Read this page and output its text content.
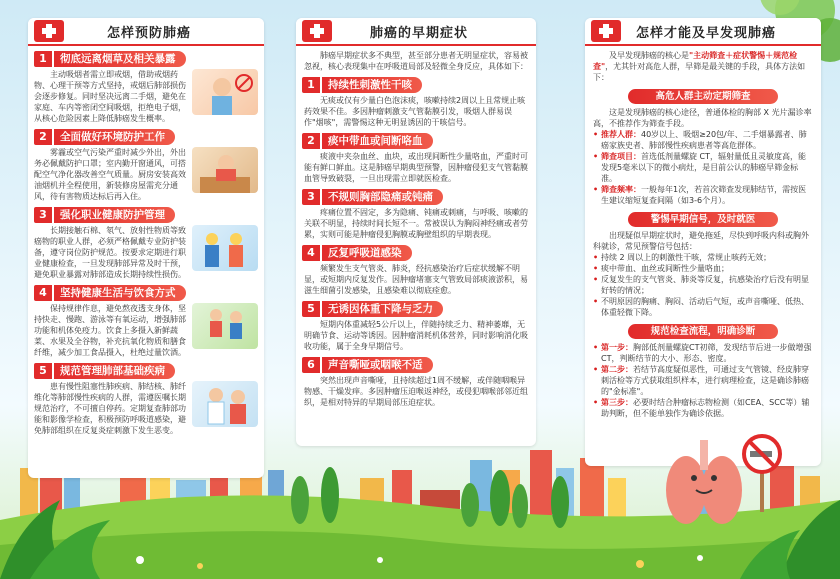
怎样预防肺癌
1	彻底远离烟草及相关暴露
主动吸烟者需立即戒烟，借助戒烟药物、心理干预等方式坚持，戒烟后肺部损伤会逐步修复。同时坚决远离二手烟，避免在家庭、车内等密闭空间吸烟，拒绝电子烟，从核心危险因素上降低肺癌发生概率。
2	全面做好环境防护工作
雾霾或空气污染严重时减少外出，外出务必佩戴防护口罩；室内勤开窗通风，可搭配空气净化器改善空气质量。厨房安装高效油烟机并全程使用，新装修房屋需充分通风，待有害物质达标后再入住。
3	强化职业健康防护管理
长期接触石棉、氡气、放射性物质等致癌物的职业人群，必须严格佩戴专业防护装备，遵守岗位防护规范。按要求定期进行职业健康检查，一旦发现肺部异常及时干预，避免职业暴露对肺部造成长期持续性损伤。
4	坚持健康生活与饮食方式
保持规律作息，避免熬夜透支身体，坚持快走、慢跑、游泳等有氧运动，增强肺部功能和机体免疫力。饮食上多摄入新鲜蔬菜、水果及全谷物，补充抗氧化物质和膳食纤维，减少加工食品摄入，杜绝过量饮酒。
5	规范管理肺部基础疾病
患有慢性阻塞性肺疾病、肺结核、肺纤维化等肺部慢性疾病的人群，需遵医嘱长期规范治疗，不可擅自停药。定期复查肺部功能和影像学检查，积极预防呼吸道感染，避免肺部组织在反复炎症刺激下发生恶变。
肺癌的早期症状
肺癌早期症状多不典型，甚至部分患者无明显症状，容易被忽视，核心表现集中在呼吸道局部及轻微全身反应，具体如下：
1	持续性刺激性干咳
无痰或仅有少量白色泡沫痰，咳嗽持续2周以上且常规止咳药效果不佳。多因肿瘤刺激支气管黏膜引发，吸烟人群易误作"烟咳"，需警惕这种无明显诱因的干咳信号。
2	痰中带血或间断咯血
痰液中夹杂血丝、血块，或出现间断性少量咯血，严重时可能有鲜口鲜血。这是肺癌早期典型预警，因肿瘤侵犯支气管黏膜血管导致破裂，一旦出现需立即就医检查。
3	不规则胸部隐痛或钝痛
疼痛位置不固定，多为隐痛、钝痛或刺痛，与呼吸、咳嗽的关联不明显，持续时间长短不一。常被误认为胸闷神经痛或者劳累，实则可能是肿瘤侵犯胸膜或胸壁组织的早期表现。
4	反复呼吸道感染
频繁发生支气管炎、肺炎，经抗感染治疗后症状缓解不明显，或短期内反复发作。因肿瘤堵塞支气管致局部痰液淤积，易滋生细菌引发感染，且感染难以彻底痊愈。
5	无诱因体重下降与乏力
短期内体重减轻5公斤以上，伴随持续乏力、精神萎靡，无明确节食、运动等诱因。因肿瘤消耗机体营养，同时影响消化吸收功能，属于全身早期信号。
6	声音嘶哑或咽喉不适
突然出现声音嘶哑，且持续超过1周不缓解，或伴随咽喉异物感、干燥发痒。多因肿瘤压迫喉返神经，或侵犯咽喉部邻近组织，是相对特异的早期局部压迫症状。
怎样才能及早发现肺癌
及早发现肺癌的核心是"主动筛查＋症状警惕＋规范检查"，尤其针对高危人群，早筛是最关键的手段，具体方法如下：
高危人群主动定期筛查
这是发现肺癌的核心途径，普通体检的胸部 X 光片漏诊率高，不推荐作为筛查手段。
• 推荐人群：40岁以上、吸烟≥20包/年、二手烟暴露者、肺癌家族史者、肺部慢性疾病患者等高危群体。
• 筛查项目：首选低剂量螺旋 CT，辐射量低且灵敏度高，能发现5毫米以下的微小病灶，是目前公认的肺癌早筛金标准。
• 筛查频率：一般每年1次，若首次筛查发现肺结节，需按医生建议缩短复查间隔（如3-6个月）。
警惕早期信号，及时就医
出现疑似早期症状时，避免拖延，尽快到呼吸内科或胸外科就诊，常见预警信号包括：
• 持续 2 周以上的刺激性干咳，常规止咳药无效；
• 痰中带血、血丝或间断性少量咯血；
• 反复发生的支气管炎、肺炎等反复，抗感染治疗后没有明显好转的情况；
• 不明原因的胸痛、胸闷、活动后气短，或声音嘶哑、低热、体重轻微下降。
规范检查流程，明确诊断
• 第一步：胸部低剂量螺旋CT初筛，发现结节后进一步做增强CT，判断结节的大小、形态、密度。
• 第二步：若结节高度疑似恶性，可通过支气管镜、经皮肺穿刺活检等方式获取组织样本，进行病理检查，这是确诊肺癌的"金标准"。
• 第三步：必要时结合肿瘤标志物检测（如CEA、SCC等）辅助判断，但不能单独作为确诊依据。
